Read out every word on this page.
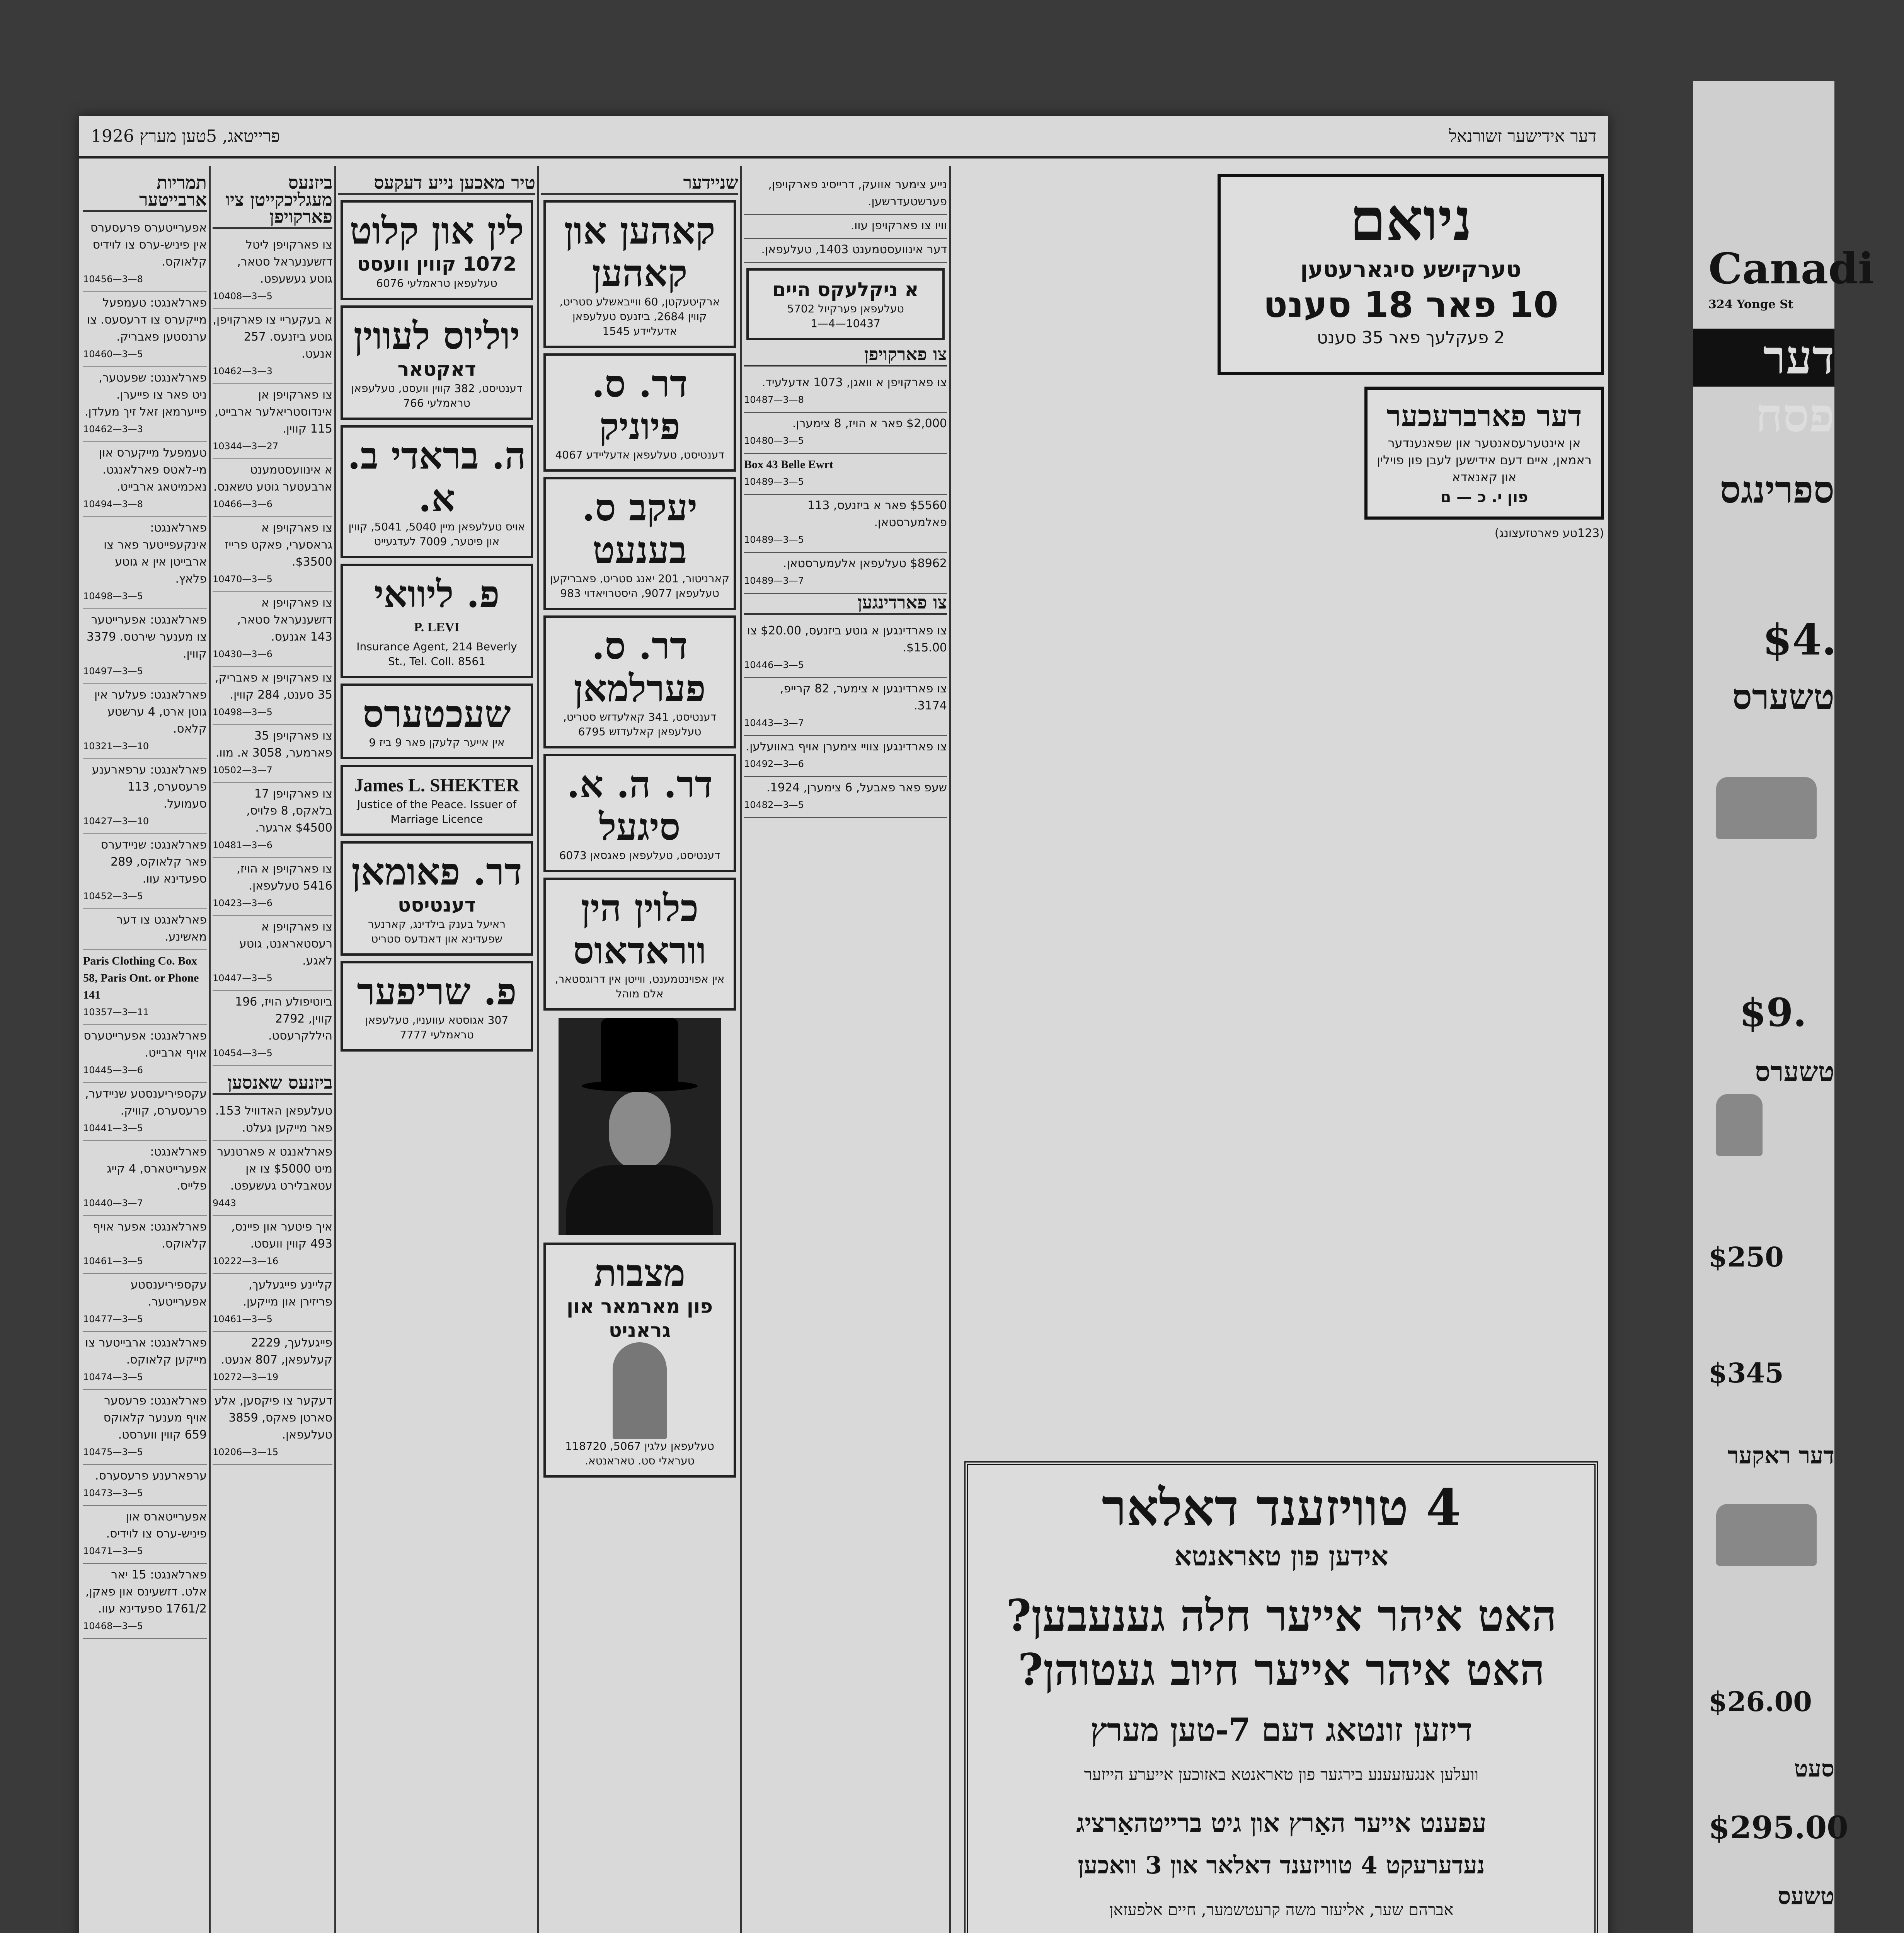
דער אידישער זשורנאל
פרייטאג, 5טען מערץ 1926
תמריות ארבייטער
אפערייטערס פרעסערס אין פיניש-ערס צו לוידיס קלאוקס.
10456—3—8
פארלאנגט: טעמפעל מייקערס צו דרעסעס. צו ערנסטען פאבריק.
10460—3—5
פארלאנגט: שפעטער, ניט פאר צו פייערן. פייערמאן זאל זיך מעלדן.
10462—3—3
טעמפעל מייקערס און מי-לאטס פארלאנגט. נאכמיטאג ארבייט.
10494—3—8
פארלאנגט: אינקעפייטער פאר צו ארבייטן אין א גוטע פלאץ.
10498—3—5
פארלאנגט: אפערייטער צו מענער שירטס. 3379 קווין.
10497—3—5
פארלאנגט: פעלער אין גוטן ארט, 4 ערשטע קלאס.
10321—3—10
פארלאנגט: ערפארענע פרעסערס, 113 סעמועל.
10427—3—10
פארלאנגט: שניידערס פאר קלאוקס, 289 ספעדינא עוו.
10452—3—5
פארלאנגט צו דער מאשינע.
Paris Clothing Co. Box 58, Paris Ont. or Phone 141
10357—3—11
פארלאנגט: אפערייטערס אויף ארבייט.
10445—3—6
עקספיריענסטע שניידער, פרעסערס, קוויק.
10441—3—5
פארלאנגט: אפערייטארס, 4 קייג פלייס.
10440—3—7
פארלאנגט: אפער אויף קלאוקס.
10461—3—5
עקספיריענסטע אפערייטער.
10477—3—5
פארלאנגט: ארבייטער צו מייקען קלאוקס.
10474—3—5
פארלאנגט: פרעסער אויף מענער קלאוקס 659 קווין ווערסט.
10475—3—5
ערפארענע פרעסערס.
10473—3—5
אפערייטארס און פיניש-ערס צו לוידיס.
10471—3—5
פארלאנגט: 15 יאר אלט. דזשעינס און פאקן, 1761/2 ספעדינא עוו.
10468—3—5
ביזנעס מעגליכקייטן ציו פארקויפן
צו פארקויפן ליטל דזשענעראל סטאר, גוטע געשעפט.
10408—3—5
א בעקעריי צו פארקויפן, גוטע ביזנעס. 257 אנעט.
10462—3—3
צו פארקויפן אן אינדוסטריאלער ארבייט, 115 קווין.
10344—3—27
א אינוועסטמענט ארבעטער גוטע טשאנס.
10466—3—6
צו פארקויפן א גראסערי, פאקט פרייז $3500.
10470—3—5
צו פארקויפן א דזשענעראל סטאר, 143 אגנעס.
10430—3—6
צו פארקויפן א פאבריק, 35 סענט, 284 קווין.
10498—3—5
צו פארקויפן 35 פארמער, 3058 א. מוו.
10502—3—7
צו פארקויפן 17 בלאקס, 8 פלויס, $4500 ארגער.
10481—3—6
צו פארקויפן א הויז, 5416 טעלעפאן.
10423—3—6
צו פארקויפן א רעסטאראנט, גוטע לאגע.
10447—3—5
ביוטיפולע הויז, 196 קווין, 2792 היללקרעסט.
10454—3—5
ביזנעס שאנסען
טעלעפאן האדוויל 153. פאר מייקען געלט.
פארלאנגט א פארטנער מיט $5000 צו אן עטאבלירט געשעפט.
9443
איך פיטער און פיינס, 493 קווין וועסט.
10222—3—16
קליינע פייגעלעך, פריזירן און מייקען.
10461—3—5
פייגעלעך, 2229 קעלעפאן, 807 אנעט.
10272—3—19
דעקער צו פיקסען, אלע סארטן פאקס, 3859 טעלעפאן.
10206—3—15
טיר מאכען נייע דעקעס
לין און קלוט
1072 קווין וועסט
טעלעפאן טראמלעי 6076
יוליוס לעווין
דאקטאר
דענטיסט, 382 קווין וועסט, טעלעפאן טראמלעי 766
ה. בראדי ב. א.
אויס טעלעפאן מיין 5040, 5041, קווין און פיטער, 7009 לעדגעייט
פ. ליוואי
P. LEVI
Insurance Agent, 214 Beverly St., Tel. Coll. 8561
שעכטערס
אין אייער קלעקן פאר 9 ביז 9
James L. SHEKTER
Justice of the Peace. Issuer of Marriage Licence
דר. פאומאן
דענטיסט
ראיעל בענק בילדינג, קארנער שפעדינא און דאנדעס סטריט
פ. שריפער
307 אגוסטא עוועניו, טעלעפאן טראמלעי 7777
שניידער
קאהען און קאהען
ארקיטעקטן, 60 ווייבאשלע סטריט, קווין 2684, ביזנעס טעלעפאן אדעליידע 1545
דר. ס. פיוניק
דענטיסט, טעלעפאן אדעליידע 4067
יעקב ס. בענעט
קארניטור, 201 יאנג סטריט, פאבריקען טעלעפאן 9077, היסטרויאדוי 983
דר. ס. פערלמאן
דענטיסט, 341 קאלעדזש סטריט, טעלעפאן קאלעדזש 6795
דר. ה. א. סיגעל
דענטיסט, טעלעפאן פאגסאן 6073
כלוין הין ווראדאוס
אין אפוינטמענט, ווייטן אין דרוגסטאר, אלם מוהל
מצבות
פון מארמאר און גראניט
טעלעפאן עלגין 5067, 118720 טעראלי סט. טאראנטא.
נייע צימער אוועק, דרייסיג פארקויפן, פערשטעדרשען.
וויו צו פארקויפן עוו.
דער אינוועסטמענט 1403, טעלעפאן.
א ניקלעקס היים
טעלעפאן פערקיול 5702
10437—4—1
צו פארקויפן
צו פארקויפן א וואגן, 1073 אדעלעיד.
10487—3—8
$2,000 פאר א הויז, 8 צימערן.
10480—3—5
Box 43 Belle Ewrt
10489—3—5
$5560 פאר א ביזנעס, 113 פאלמערסטאן.
10489—3—5
$8962 טעלעפאן אלעמערסטאן.
10489—3—7
צו פארדינגען
צו פארדינגען א גוטע ביזנעס, $20.00 צו $15.00.
10446—3—5
צו פארדינגען א צימער, 82 קרייפ, 3174.
10443—3—7
צו פארדינגען צוויי צימערן אויף באוועלען.
10492—3—6
שעפ פאר פאבעל, 6 צימערן, 1924.
10482—3—5
ניואם
טערקישע סיגארעטען
10 פאר 18 סענט
2 פעקלעך פאר 35 סענט
דער פארברעכער
אן אינטערעסאנטער און שפאנענדער ראמאן, איים דעם אידישען לעבן פון פוילין און קאנאדא
פון י. כ — ם
(123טע פארטזעצונג)
4 טוויזענד דאלאר
אידען פון טאראנטא
האט איהר אייער חלה גענעבען?
האט איהר אייער חיוב געטוהן?
דיזען זונטאג דעם 7-טען מערץ
וועלען אנגעזעענע בירגער פון טאראנטא באזוכען אייערע הייזער
עפענט אייער האַרץ און גיט ברייטהאַרציג
נעדערעקט 4 טוויזענד דאלאר און 3 וואכען
אברהם שער, אליעזר משה קרעטשמער, חיים אלפעזאן
Canadi
324 Yonge St
דער פסח
ספרינגס
$4.
טשערס
$9.
טשערס
$250
$345
דער ראקער
$26.00
סעט
$295.00
טשעס
